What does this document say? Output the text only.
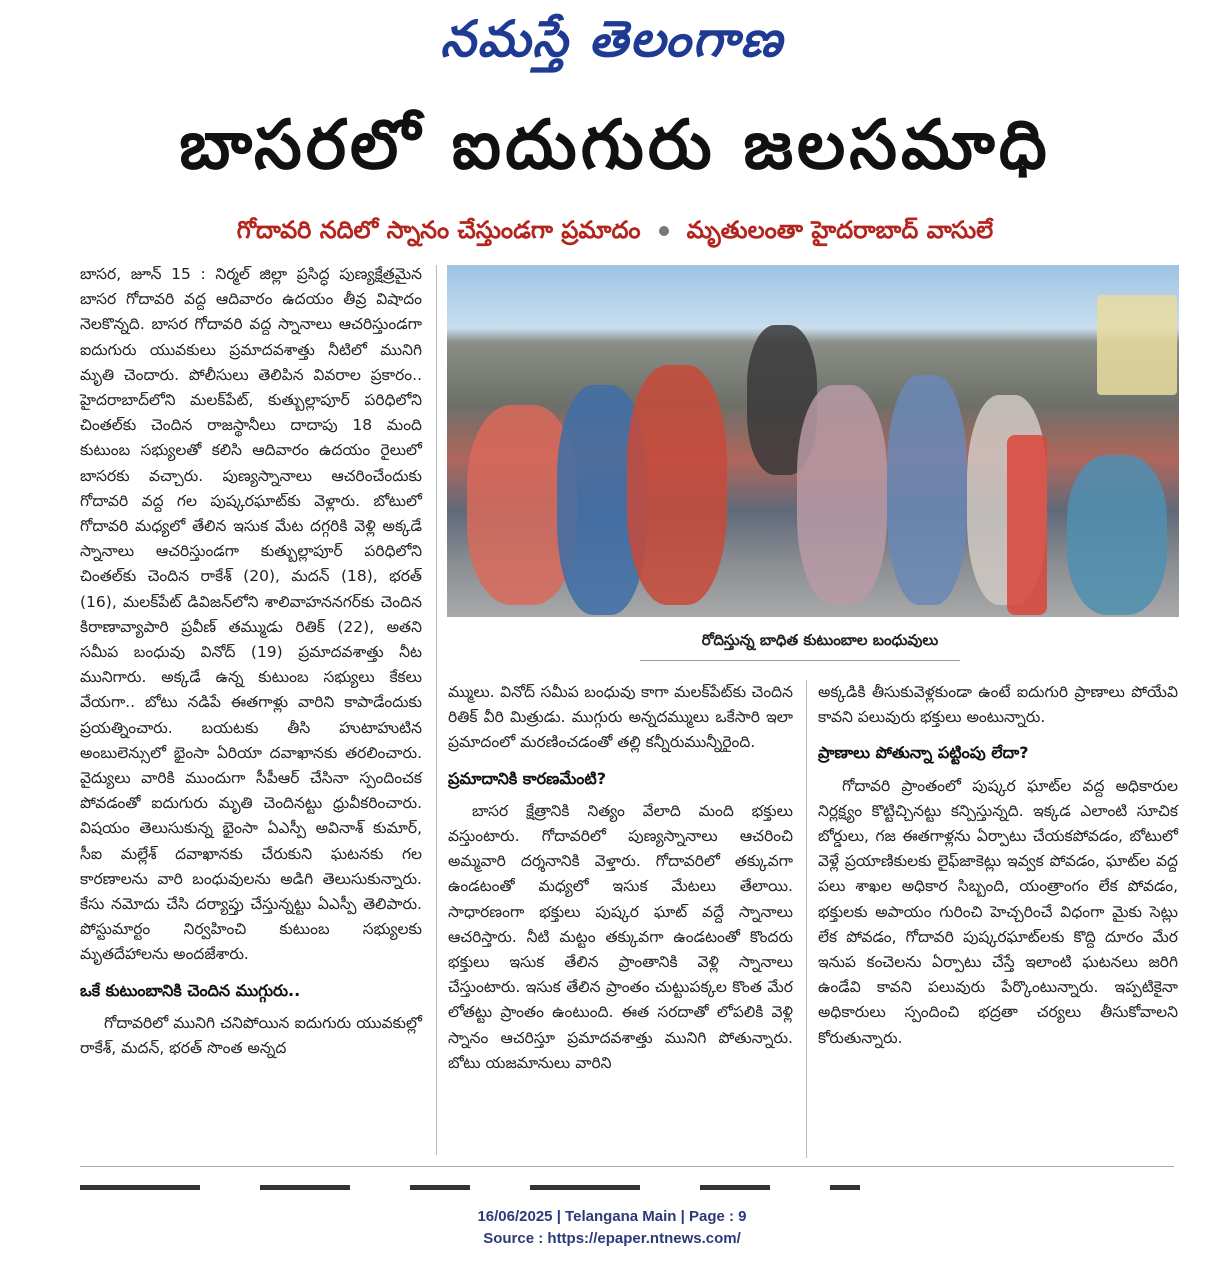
నమస్తే తెలంగాణ
బాసరలో ఐదుగురు జలసమాధి
గోదావరి నదిలో స్నానం చేస్తుండగా ప్రమాదం మృతులంతా హైదరాబాద్ వాసులే

బాసర, జూన్ 15 : నిర్మల్ జిల్లా ప్రసిద్ధ పుణ్యక్షేత్రమైన బాసర గోదావరి వద్ద ఆదివారం ఉదయం తీవ్ర విషాదం నెలకొన్నది. బాసర గోదావరి వద్ద స్నానాలు ఆచరిస్తుండగా ఐదుగురు యువకులు ప్రమాదవశాత్తు నీటిలో మునిగి మృతి చెందారు. పోలీసులు తెలిపిన వివరాల ప్రకారం.. హైదరాబాద్‌లోని మలక్‌పేట్, కుత్బుల్లాపూర్ పరిధిలోని చింతల్‌కు చెందిన రాజస్థానీలు దాదాపు 18 మంది కుటుంబ సభ్యులతో కలిసి ఆదివారం ఉదయం రైలులో బాసరకు వచ్చారు. పుణ్యస్నానాలు ఆచరించేందుకు గోదావరి వద్ద గల పుష్కరఘాట్‌కు వెళ్లారు. బోటులో గోదావరి మధ్యలో తేలిన ఇసుక మేట దగ్గరికి వెళ్లి అక్కడే స్నానాలు ఆచరిస్తుండగా కుత్బుల్లాపూర్ పరిధిలోని చింతల్‌కు చెందిన రాకేశ్ (20), మదన్ (18), భరత్ (16), మలక్‌పేట్ డివిజన్‌లోని శాలివాహననగర్‌కు చెందిన కిరాణావ్యాపారి ప్రవీణ్ తమ్ముడు రితిక్ (22), అతని సమీప బంధువు వినోద్ (19) ప్రమాదవశాత్తు నీట మునిగారు. అక్కడే ఉన్న కుటుంబ సభ్యులు కేకలు వేయగా.. బోటు నడిపే ఈతగాళ్లు వారిని కాపాడేందుకు ప్రయత్నించారు. బయటకు తీసి హుటాహుటిన అంబులెన్సులో భైంసా ఏరియా దవాఖానకు తరలించారు. వైద్యులు వారికి ముందుగా సీపీఆర్ చేసినా స్పందించక పోవడంతో ఐదుగురు మృతి చెందినట్టు ధ్రువీకరించారు. విషయం తెలుసుకున్న భైంసా ఏఎస్పీ అవినాశ్ కుమార్, సీఐ మల్లేశ్ దవాఖానకు చేరుకుని ఘటనకు గల కారణాలను వారి బంధువులను అడిగి తెలుసుకున్నారు. కేసు నమోదు చేసి దర్యాప్తు చేస్తున్నట్టు ఏఎస్పీ తెలిపారు. పోస్టుమార్టం నిర్వహించి కుటుంబ సభ్యులకు మృతదేహాలను అందజేశారు.

ఒకే కుటుంబానికి చెందిన ముగ్గురు..

గోదావరిలో మునిగి చనిపోయిన ఐదుగురు యువకుల్లో రాకేశ్, మదన్, భరత్ సొంత అన్నద

రోదిస్తున్న బాధిత కుటుంబాల బంధువులు

మ్ములు. వినోద్ సమీప బంధువు కాగా మలక్‌పేట్‌కు చెందిన రితిక్ వీరి మిత్రుడు. ముగ్గురు అన్నదమ్ములు ఒకేసారి ఇలా ప్రమాదంలో మరణించడంతో తల్లి కన్నీరుమున్నీరైంది.

ప్రమాదానికి కారణమేంటి?

బాసర క్షేత్రానికి నిత్యం వేలాది మంది భక్తులు వస్తుంటారు. గోదావరిలో పుణ్యస్నానాలు ఆచరించి అమ్మవారి దర్శనానికి వెళ్తారు. గోదావరిలో తక్కువగా ఉండటంతో మధ్యలో ఇసుక మేటలు తేలాయి. సాధారణంగా భక్తులు పుష్కర ఘాట్ వద్దే స్నానాలు ఆచరిస్తారు. నీటి మట్టం తక్కువగా ఉండటంతో కొందరు భక్తులు ఇసుక తేలిన ప్రాంతానికి వెళ్లి స్నానాలు చేస్తుంటారు. ఇసుక తేలిన ప్రాంతం చుట్టుపక్కల కొంత మేర లోతట్టు ప్రాంతం ఉంటుంది. ఈత సరదాతో లోపలికి వెళ్లి స్నానం ఆచరిస్తూ ప్రమాదవశాత్తు మునిగి పోతున్నారు. బోటు యజమానులు వారిని

అక్కడికి తీసుకువెళ్లకుండా ఉంటే ఐదుగురి ప్రాణాలు పోయేవి కావని పలువురు భక్తులు అంటున్నారు.

ప్రాణాలు పోతున్నా పట్టింపు లేదా?

గోదావరి ప్రాంతంలో పుష్కర ఘాట్‌ల వద్ద అధికారుల నిర్లక్ష్యం కొట్టిచ్చినట్టు కన్పిస్తున్నది. ఇక్కడ ఎలాంటి సూచిక బోర్డులు, గజ ఈతగాళ్లను ఏర్పాటు చేయకపోవడం, బోటులో వెళ్లే ప్రయాణికులకు లైఫ్‌జాకెట్లు ఇవ్వక పోవడం, ఘాట్‌ల వద్ద పలు శాఖల అధికార సిబ్బంది, యంత్రాంగం లేక పోవడం, భక్తులకు అపాయం గురించి హెచ్చరించే విధంగా మైకు సెట్లు లేక పోవడం, గోదావరి పుష్కరఘాట్‌లకు కొద్ది దూరం మేర ఇనుప కంచెలను ఏర్పాటు చేస్తే ఇలాంటి ఘటనలు జరిగి ఉండేవి కావని పలువురు పేర్కొంటున్నారు. ఇప్పటికైనా అధికారులు స్పందించి భద్రతా చర్యలు తీసుకోవాలని కోరుతున్నారు.

16/06/2025 | Telangana Main | Page : 9
Source : https://epaper.ntnews.com/
